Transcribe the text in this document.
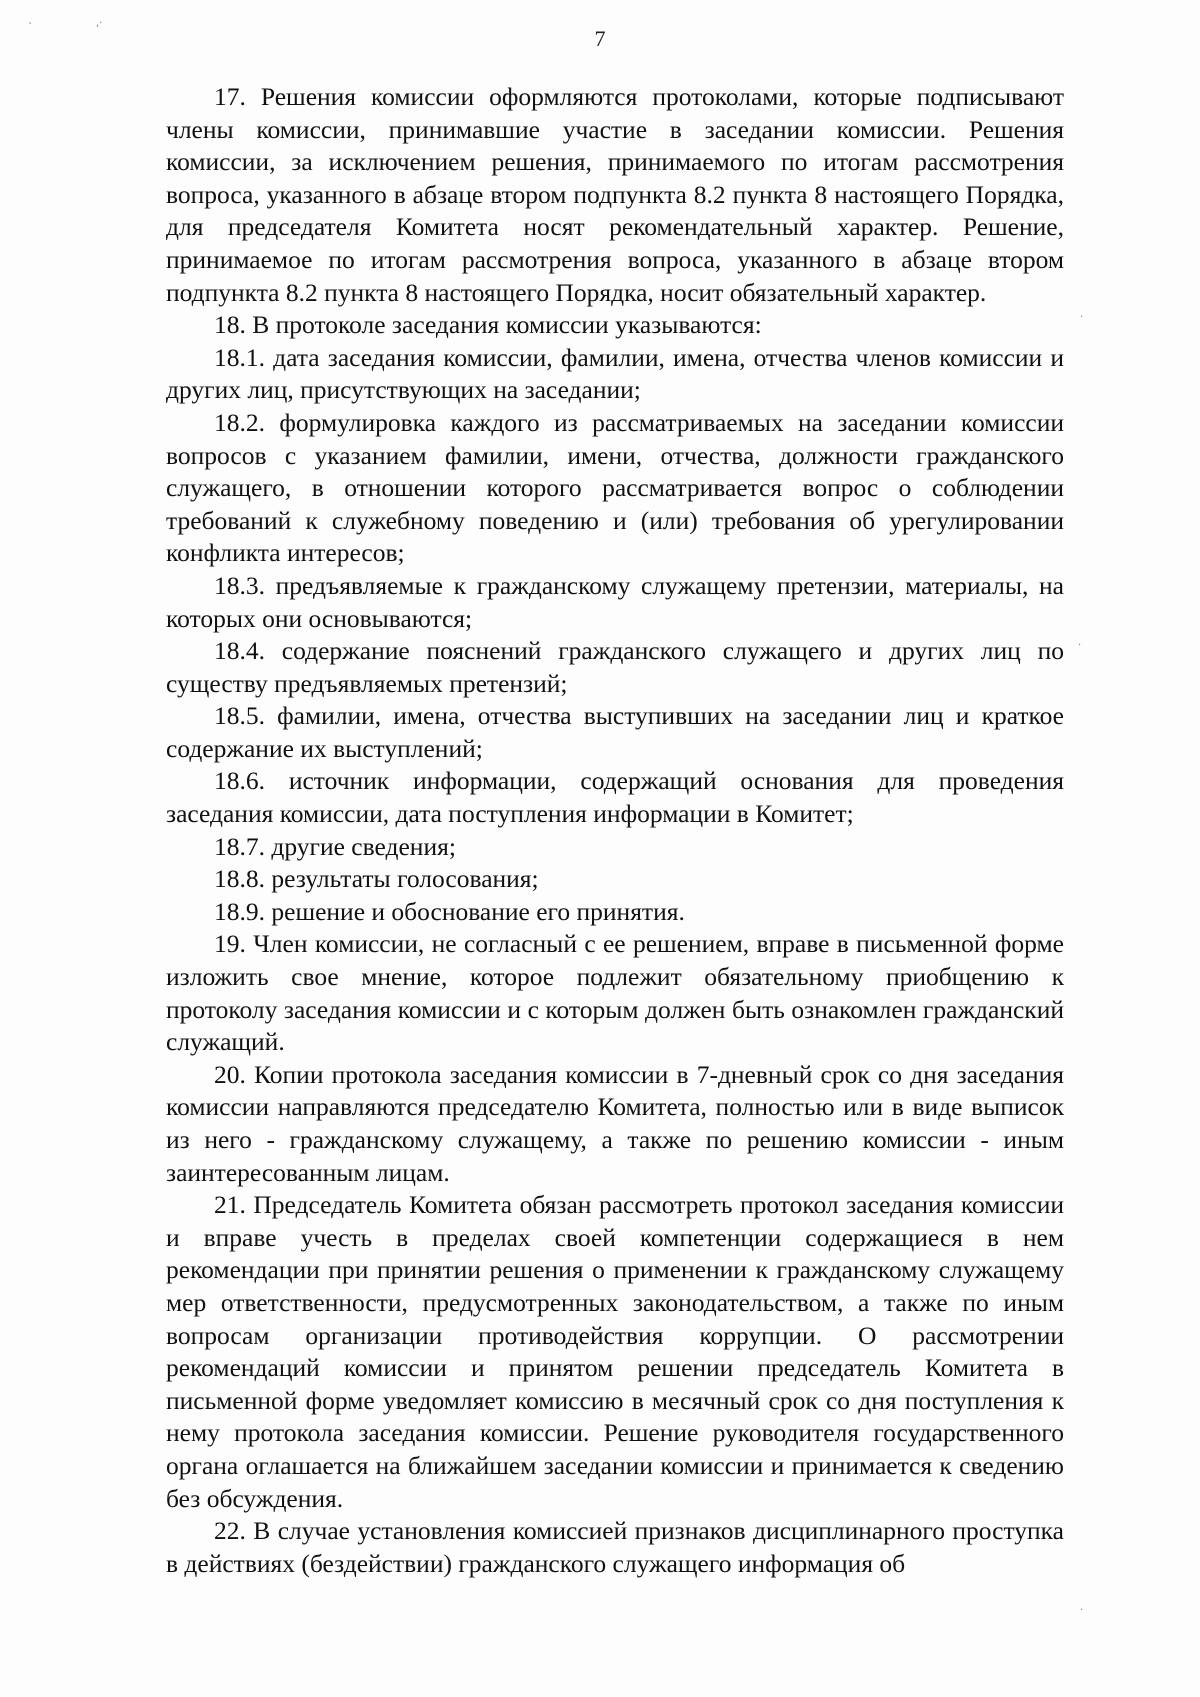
7

17. Решения комиссии оформляются протоколами, которые подписывают члены комиссии, принимавшие участие в заседании комиссии. Решения комиссии, за исключением решения, принимаемого по итогам рассмотрения вопроса, указанного в абзаце втором подпункта 8.2 пункта 8 настоящего Порядка, для председателя Комитета носят рекомендательный характер. Решение, принимаемое по итогам рассмотрения вопроса, указанного в абзаце втором подпункта 8.2 пункта 8 настоящего Порядка, носит обязательный характер.

18. В протоколе заседания комиссии указываются:

18.1. дата заседания комиссии, фамилии, имена, отчества членов комиссии и других лиц, присутствующих на заседании;

18.2. формулировка каждого из рассматриваемых на заседании комиссии вопросов с указанием фамилии, имени, отчества, должности гражданского служащего, в отношении которого рассматривается вопрос о соблюдении требований к служебному поведению и (или) требования об урегулировании конфликта интересов;

18.3. предъявляемые к гражданскому служащему претензии, материалы, на которых они основываются;

18.4. содержание пояснений гражданского служащего и других лиц по существу предъявляемых претензий;

18.5. фамилии, имена, отчества выступивших на заседании лиц и краткое содержание их выступлений;

18.6. источник информации, содержащий основания для проведения заседания комиссии, дата поступления информации в Комитет;

18.7. другие сведения;

18.8. результаты голосования;

18.9. решение и обоснование его принятия.

19. Член комиссии, не согласный с ее решением, вправе в письменной форме изложить свое мнение, которое подлежит обязательному приобщению к протоколу заседания комиссии и с которым должен быть ознакомлен гражданский служащий.

20. Копии протокола заседания комиссии в 7-дневный срок со дня заседания комиссии направляются председателю Комитета, полностью или в виде выписок из него - гражданскому служащему, а также по решению комиссии - иным заинтересованным лицам.

21. Председатель Комитета обязан рассмотреть протокол заседания комиссии и вправе учесть в пределах своей компетенции содержащиеся в нем рекомендации при принятии решения о применении к гражданскому служащему мер ответственности, предусмотренных законодательством, а также по иным вопросам организации противодействия коррупции. О рассмотрении рекомендаций комиссии и принятом решении председатель Комитета в письменной форме уведомляет комиссию в месячный срок со дня поступления к нему протокола заседания комиссии. Решение руководителя государственного органа оглашается на ближайшем заседании комиссии и принимается к сведению без обсуждения.

22. В случае установления комиссией признаков дисциплинарного проступка в действиях (бездействии) гражданского служащего информация об

`	,·
·
·
·
